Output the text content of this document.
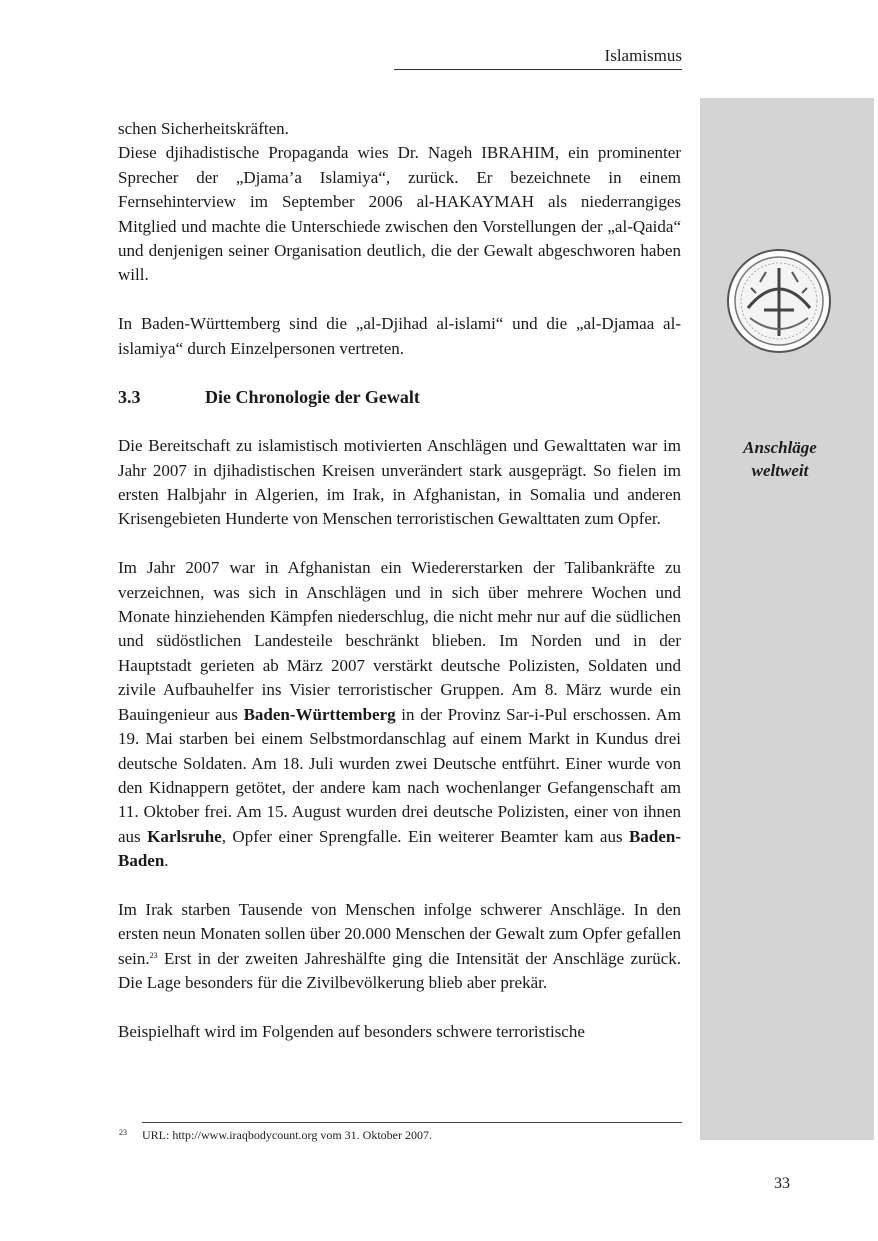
Islamismus
Anschläge
weltweit

schen Sicherheitskräften.

Diese djihadistische Propaganda wies Dr. Nageh IBRAHIM, ein prominenter Sprecher der „Djama’a Islamiya“, zurück. Er bezeichnete in einem Fernsehinterview im September 2006 al-HAKAYMAH als niederrangiges Mitglied und machte die Unterschiede zwischen den Vorstellungen der „al-Qaida“ und denjenigen seiner Organisation deutlich, die der Gewalt abgeschworen haben will.

In Baden-Württemberg sind die „al-Djihad al-islami“ und die „al-Djamaa al-islamiya“ durch Einzelpersonen vertreten.

3.3	Die Chronologie der Gewalt

Die Bereitschaft zu islamistisch motivierten Anschlägen und Gewalttaten war im Jahr 2007 in djihadistischen Kreisen unverändert stark ausgeprägt. So fielen im ersten Halbjahr in Algerien, im Irak, in Afghanistan, in Somalia und anderen Krisengebieten Hunderte von Menschen terroristischen Gewalttaten zum Opfer.

Im Jahr 2007 war in Afghanistan ein Wiedererstarken der Talibankräfte zu verzeichnen, was sich in Anschlägen und in sich über mehrere Wochen und Monate hinziehenden Kämpfen niederschlug, die nicht mehr nur auf die südlichen und südöstlichen Landesteile beschränkt blieben. Im Norden und in der Hauptstadt gerieten ab März 2007 verstärkt deutsche Polizisten, Soldaten und zivile Aufbauhelfer ins Visier terroristischer Gruppen. Am 8. März wurde ein Bauingenieur aus Baden-Württemberg in der Provinz Sar-i-Pul erschossen. Am 19. Mai starben bei einem Selbstmordanschlag auf einem Markt in Kundus drei deutsche Soldaten. Am 18. Juli wurden zwei Deutsche entführt. Einer wurde von den Kidnappern getötet, der andere kam nach wochenlanger Gefangenschaft am 11. Oktober frei. Am 15. August wurden drei deutsche Polizisten, einer von ihnen aus Karlsruhe, Opfer einer Sprengfalle. Ein weiterer Beamter kam aus Baden-Baden.

Im Irak starben Tausende von Menschen infolge schwerer Anschläge. In den ersten neun Monaten sollen über 20.000 Menschen der Gewalt zum Opfer gefallen sein.$^{23}$ Erst in der zweiten Jahreshälfte ging die Intensität der Anschläge zurück. Die Lage besonders für die Zivilbevölkerung blieb aber prekär.

Beispielhaft wird im Folgenden auf besonders schwere terroristische

23 URL: http://www.iraqbodycount.org vom 31. Oktober 2007.
33
